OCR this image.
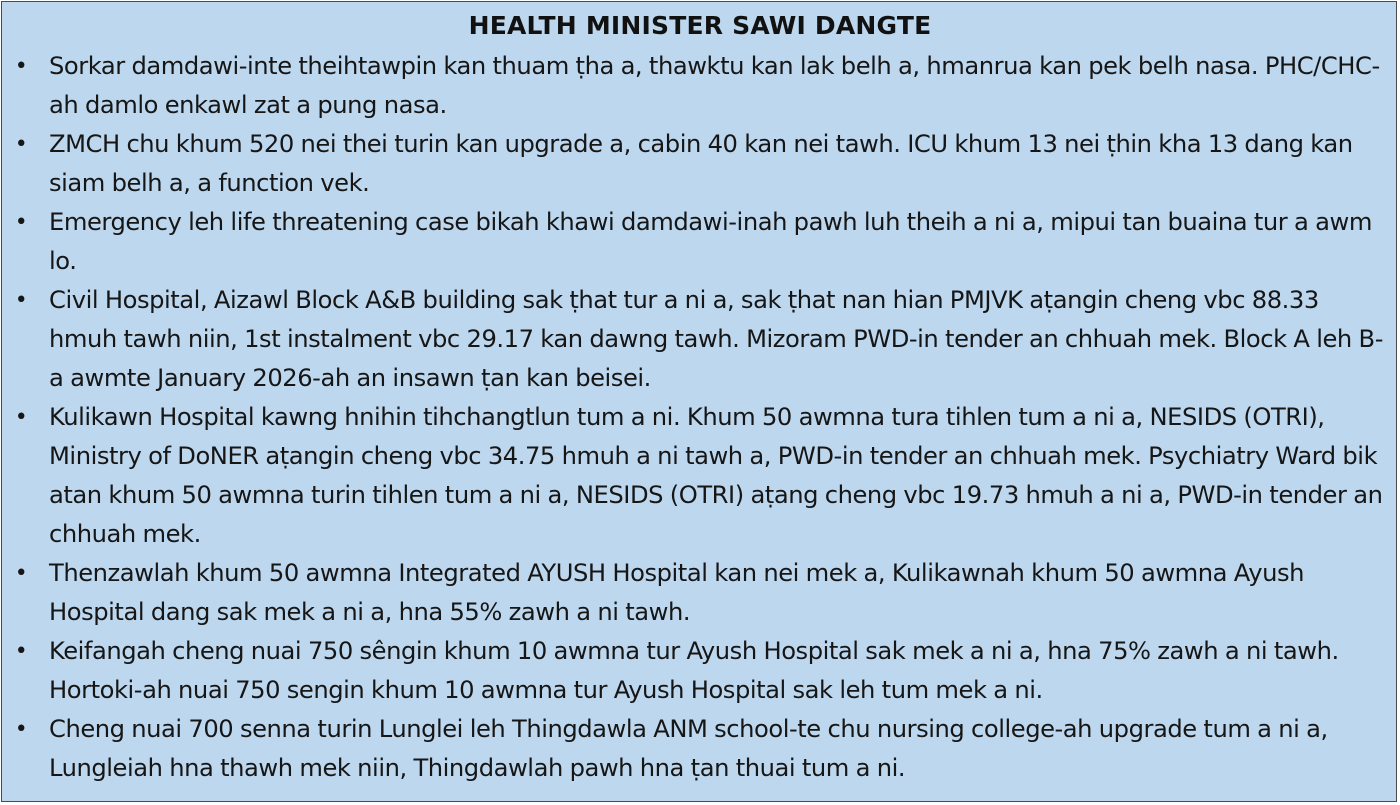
HEALTH MINISTER SAWI DANGTE
• Sorkar damdawi-inte theihtawpin kan thuam ṭha a, thawktu kan lak belh a, hmanrua kan pek belh nasa. PHC/CHC-ah damlo enkawl zat a pung nasa.
• ZMCH chu khum 520 nei thei turin kan upgrade a, cabin 40 kan nei tawh. ICU khum 13 nei ṭhin kha 13 dang kan siam belh a, a function vek.
• Emergency leh life threatening case bikah khawi damdawi-inah pawh luh theih a ni a, mipui tan buaina tur a awm lo.
• Civil Hospital, Aizawl Block A&B building sak ṭhat tur a ni a, sak ṭhat nan hian PMJVK aṭangin cheng vbc 88.33 hmuh tawh niin, 1st instalment vbc 29.17 kan dawng tawh. Mizoram PWD-in tender an chhuah mek. Block A leh B-a awmte January 2026-ah an insawn ṭan kan beisei.
• Kulikawn Hospital kawng hnihin tihchangtlun tum a ni. Khum 50 awmna tura tihlen tum a ni a, NESIDS (OTRI), Ministry of DoNER aṭangin cheng vbc 34.75 hmuh a ni tawh a, PWD-in tender an chhuah mek. Psychiatry Ward bik atan khum 50 awmna turin tihlen tum a ni a, NESIDS (OTRI) aṭang cheng vbc 19.73 hmuh a ni a, PWD-in tender an chhuah mek.
• Thenzawlah khum 50 awmna Integrated AYUSH Hospital kan nei mek a, Kulikawnah khum 50 awmna Ayush Hospital dang sak mek a ni a, hna 55% zawh a ni tawh.
• Keifangah cheng nuai 750 sêngin khum 10 awmna tur Ayush Hospital sak mek a ni a, hna 75% zawh a ni tawh. Hortoki-ah nuai 750 sengin khum 10 awmna tur Ayush Hospital sak leh tum mek a ni.
• Cheng nuai 700 senna turin Lunglei leh Thingdawla ANM school-te chu nursing college-ah upgrade tum a ni a, Lungleiah hna thawh mek niin, Thingdawlah pawh hna ṭan thuai tum a ni.
